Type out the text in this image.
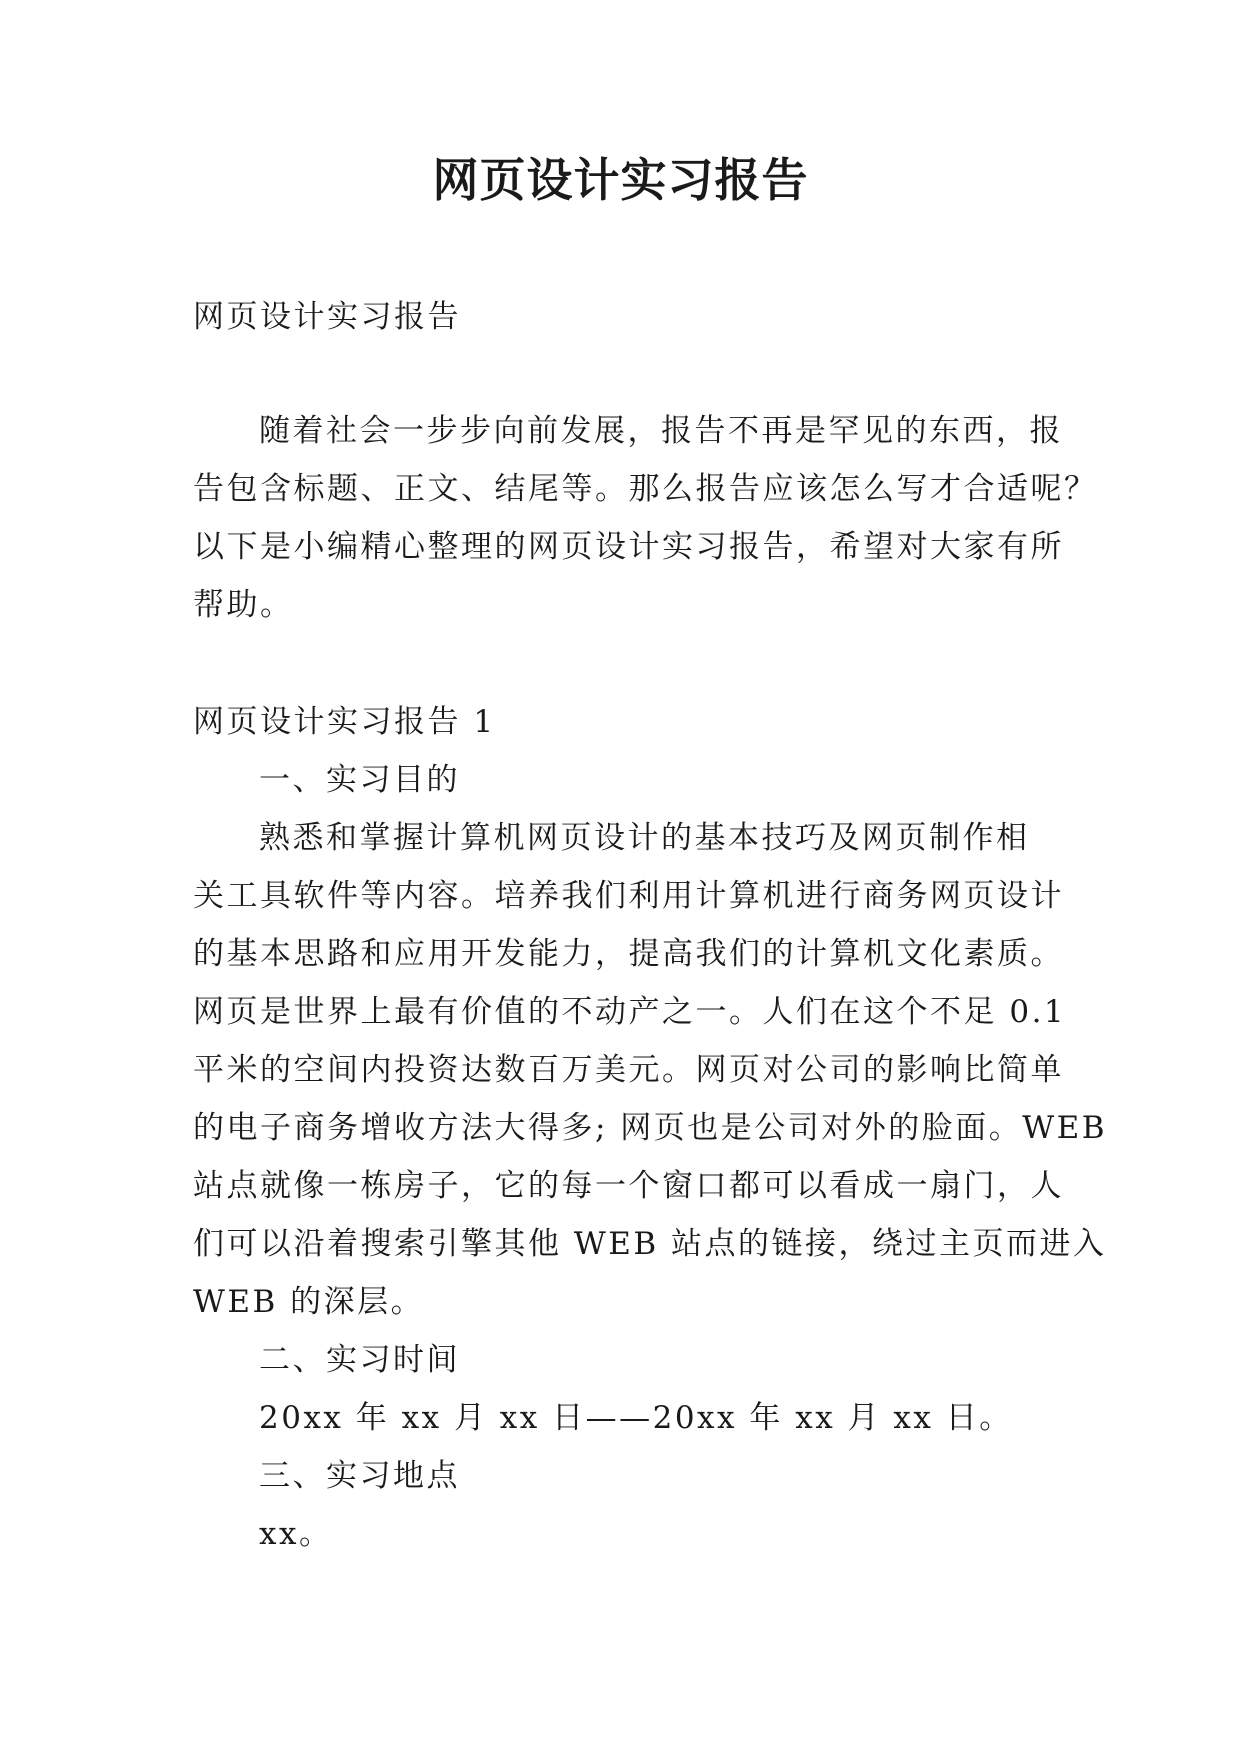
网页设计实习报告
网页设计实习报告
随着社会一步步向前发展，报告不再是罕见的东西，报
告包含标题、正文、结尾等。那么报告应该怎么写才合适呢？
以下是小编精心整理的网页设计实习报告，希望对大家有所
帮助。
网页设计实习报告 1
一、实习目的
熟悉和掌握计算机网页设计的基本技巧及网页制作相
关工具软件等内容。培养我们利用计算机进行商务网页设计
的基本思路和应用开发能力，提高我们的计算机文化素质。
网页是世界上最有价值的不动产之一。人们在这个不足 0.1
平米的空间内投资达数百万美元。网页对公司的影响比简单
的电子商务增收方法大得多; 网页也是公司对外的脸面。WEB
站点就像一栋房子，它的每一个窗口都可以看成一扇门，人
们可以沿着搜索引擎其他 WEB 站点的链接，绕过主页而进入
WEB 的深层。
二、实习时间
20xx 年 xx 月 xx 日——20xx 年 xx 月 xx 日。
三、实习地点
xx。
